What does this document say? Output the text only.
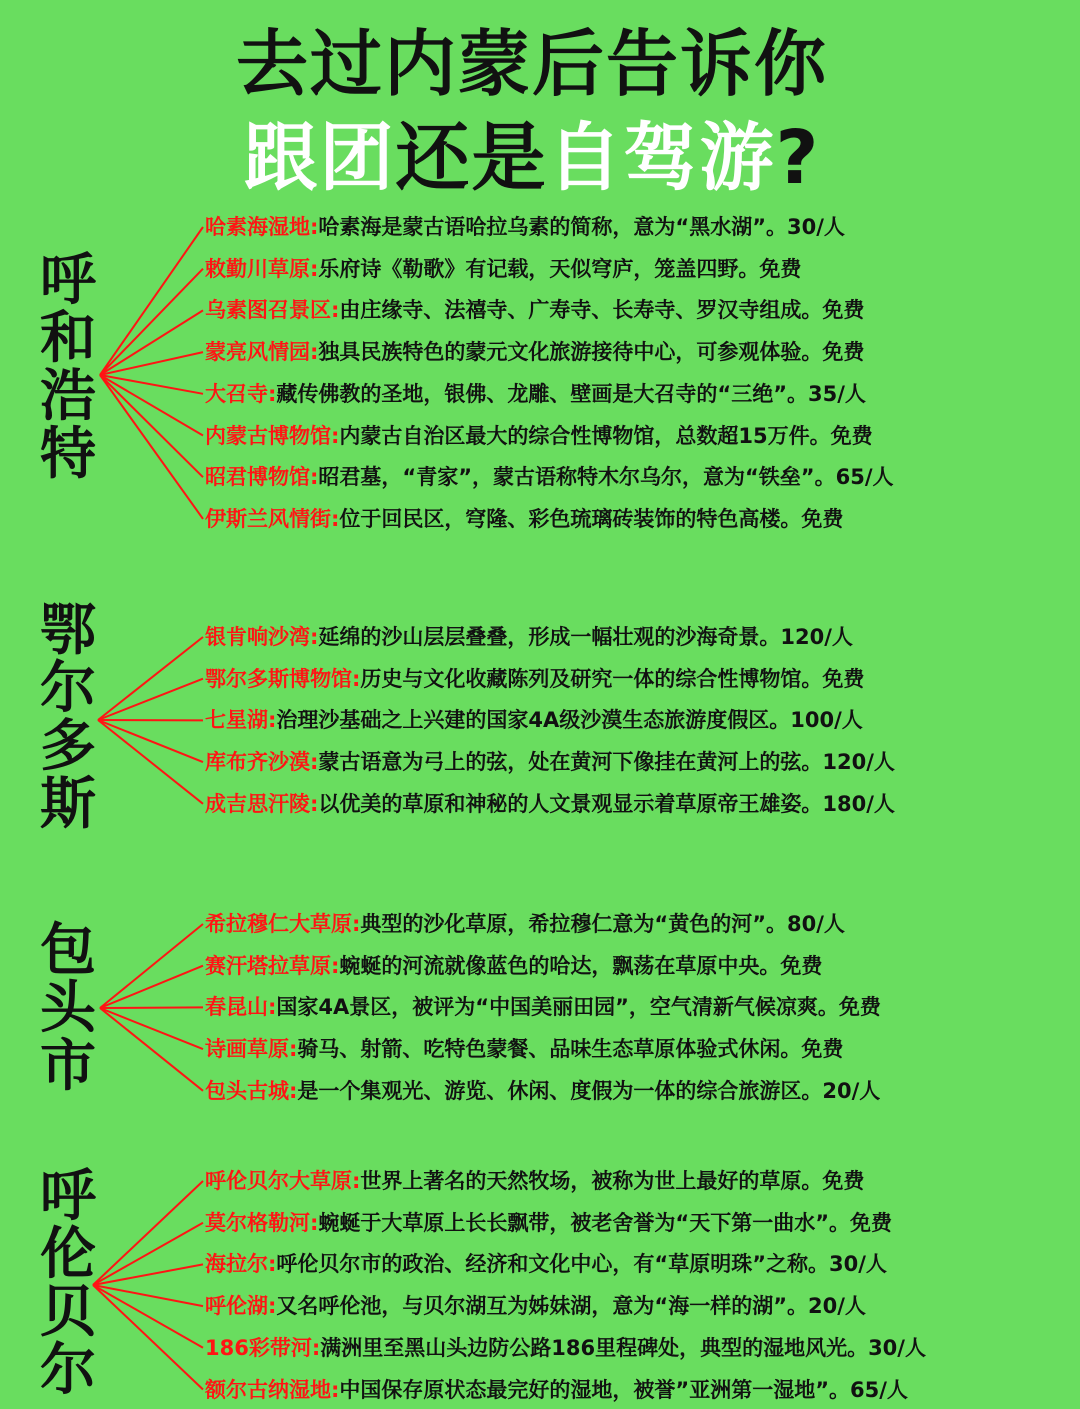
去过内蒙后告诉你
跟团还是自驾游?
呼和浩特
哈素海湿地:哈素海是蒙古语哈拉乌素的简称，意为“黑水湖”。30/人
敕勤川草原:乐府诗《勒歌》有记载，天似穹庐，笼盖四野。免费
乌素图召景区:由庄缘寺、法禧寺、广寿寺、长寿寺、罗汉寺组成。免费
蒙亮风情园:独具民族特色的蒙元文化旅游接待中心，可参观体验。免费
大召寺:藏传佛教的圣地，银佛、龙雕、壁画是大召寺的“三绝”。35/人
内蒙古博物馆:内蒙古自治区最大的综合性博物馆，总数超15万件。免费
昭君博物馆:昭君墓，“青家”，蒙古语称特木尔乌尔，意为“铁垒”。65/人
伊斯兰风情街:位于回民区，穹隆、彩色琉璃砖装饰的特色高楼。免费
鄂尔多斯
银肯响沙湾:延绵的沙山层层叠叠，形成一幅壮观的沙海奇景。120/人
鄂尔多斯博物馆:历史与文化收藏陈列及研究一体的综合性博物馆。免费
七星湖:治理沙基础之上兴建的国家4A级沙漠生态旅游度假区。100/人
库布齐沙漠:蒙古语意为弓上的弦，处在黄河下像挂在黄河上的弦。120/人
成吉思汗陵:以优美的草原和神秘的人文景观显示着草原帝王雄姿。180/人
包头市
希拉穆仁大草原:典型的沙化草原，希拉穆仁意为“黄色的河”。80/人
赛汗塔拉草原:蜿蜒的河流就像蓝色的哈达，飘荡在草原中央。免费
春昆山:国家4A景区，被评为“中国美丽田园”，空气清新气候凉爽。免费
诗画草原:骑马、射箭、吃特色蒙餐、品味生态草原体验式休闲。免费
包头古城:是一个集观光、游览、休闲、度假为一体的综合旅游区。20/人
呼伦贝尔
呼伦贝尔大草原:世界上著名的天然牧场，被称为世上最好的草原。免费
莫尔格勒河:蜿蜒于大草原上长长飘带，被老舍誉为“天下第一曲水”。免费
海拉尔:呼伦贝尔市的政治、经济和文化中心，有“草原明珠”之称。30/人
呼伦湖:又名呼伦池，与贝尔湖互为姊妹湖，意为“海一样的湖”。20/人
186彩带河:满洲里至黑山头边防公路186里程碑处，典型的湿地风光。30/人
额尔古纳湿地:中国保存原状态最完好的湿地，被誉”亚洲第一湿地”。65/人
